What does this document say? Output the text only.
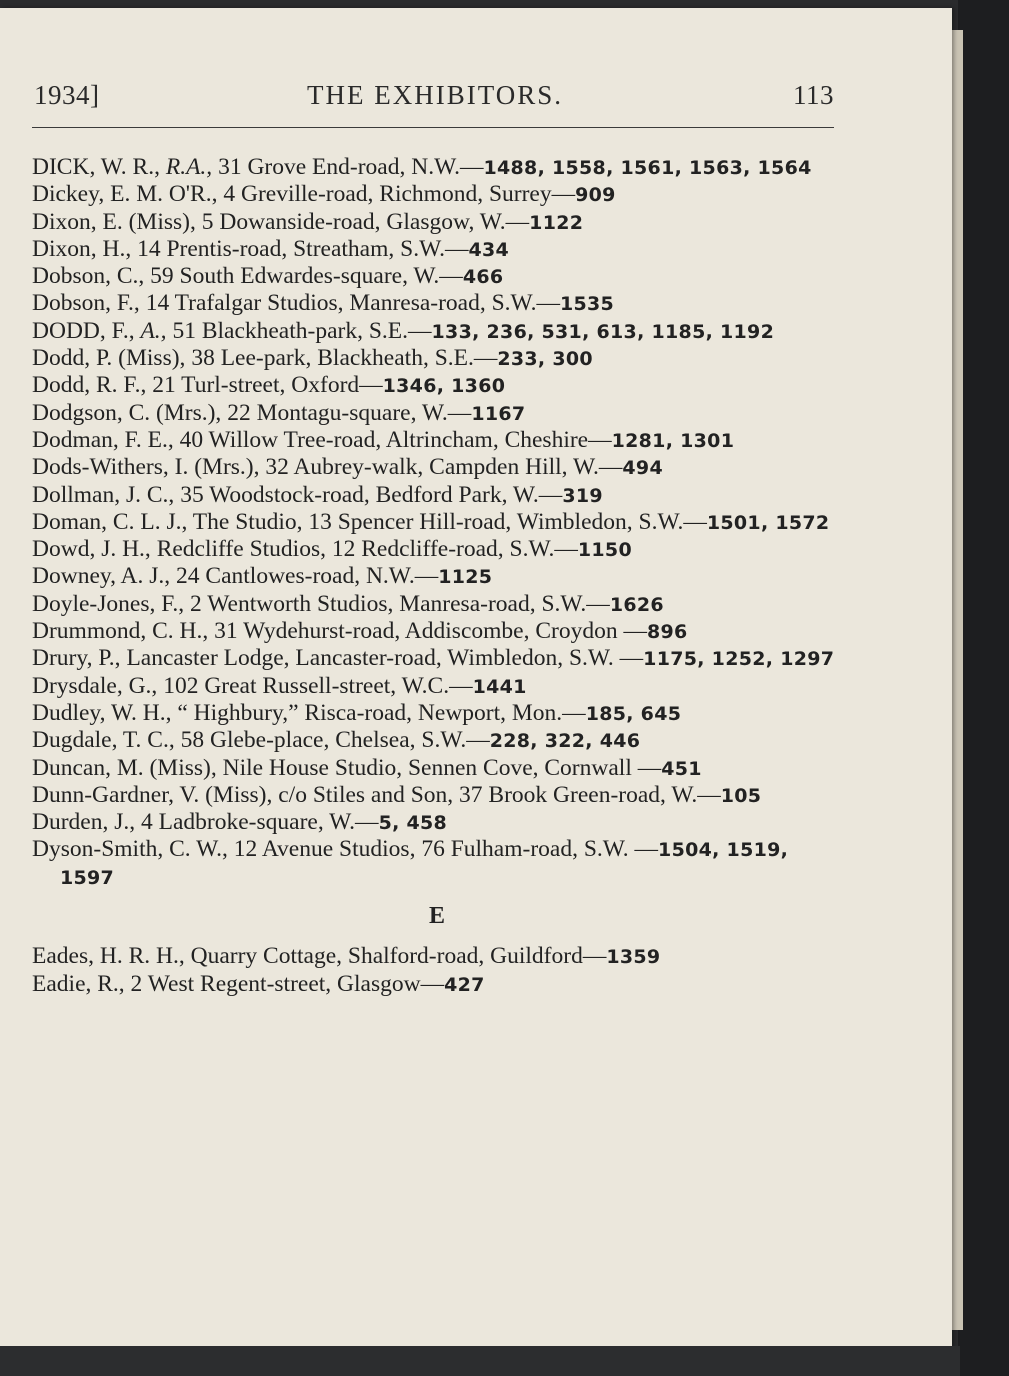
1934]	THE EXHIBITORS.	113
DICK, W. R., R.A., 31 Grove End-road, N.W.—1488, 1558, 1561, 1563, 1564
Dickey, E. M. O'R., 4 Greville-road, Richmond, Surrey—909
Dixon, E. (Miss), 5 Dowanside-road, Glasgow, W.—1122
Dixon, H., 14 Prentis-road, Streatham, S.W.—434
Dobson, C., 59 South Edwardes-square, W.—466
Dobson, F., 14 Trafalgar Studios, Manresa-road, S.W.—1535
DODD, F., A., 51 Blackheath-park, S.E.—133, 236, 531, 613, 1185, 1192
Dodd, P. (Miss), 38 Lee-park, Blackheath, S.E.—233, 300
Dodd, R. F., 21 Turl-street, Oxford—1346, 1360
Dodgson, C. (Mrs.), 22 Montagu-square, W.—1167
Dodman, F. E., 40 Willow Tree-road, Altrincham, Cheshire—1281, 1301
Dods-Withers, I. (Mrs.), 32 Aubrey-walk, Campden Hill, W.—494
Dollman, J. C., 35 Woodstock-road, Bedford Park, W.—319
Doman, C. L. J., The Studio, 13 Spencer Hill-road, Wimbledon, S.W.—1501, 1572
Dowd, J. H., Redcliffe Studios, 12 Redcliffe-road, S.W.—1150
Downey, A. J., 24 Cantlowes-road, N.W.—1125
Doyle-Jones, F., 2 Wentworth Studios, Manresa-road, S.W.—1626
Drummond, C. H., 31 Wydehurst-road, Addiscombe, Croydon —896
Drury, P., Lancaster Lodge, Lancaster-road, Wimbledon, S.W. —1175, 1252, 1297
Drysdale, G., 102 Great Russell-street, W.C.—1441
Dudley, W. H., “ Highbury,” Risca-road, Newport, Mon.—185, 645
Dugdale, T. C., 58 Glebe-place, Chelsea, S.W.—228, 322, 446
Duncan, M. (Miss), Nile House Studio, Sennen Cove, Cornwall —451
Dunn-Gardner, V. (Miss), c/o Stiles and Son, 37 Brook Green-road, W.—105
Durden, J., 4 Ladbroke-square, W.—5, 458
Dyson-Smith, C. W., 12 Avenue Studios, 76 Fulham-road, S.W. —1504, 1519, 1597
E
Eades, H. R. H., Quarry Cottage, Shalford-road, Guildford—1359
Eadie, R., 2 West Regent-street, Glasgow—427
